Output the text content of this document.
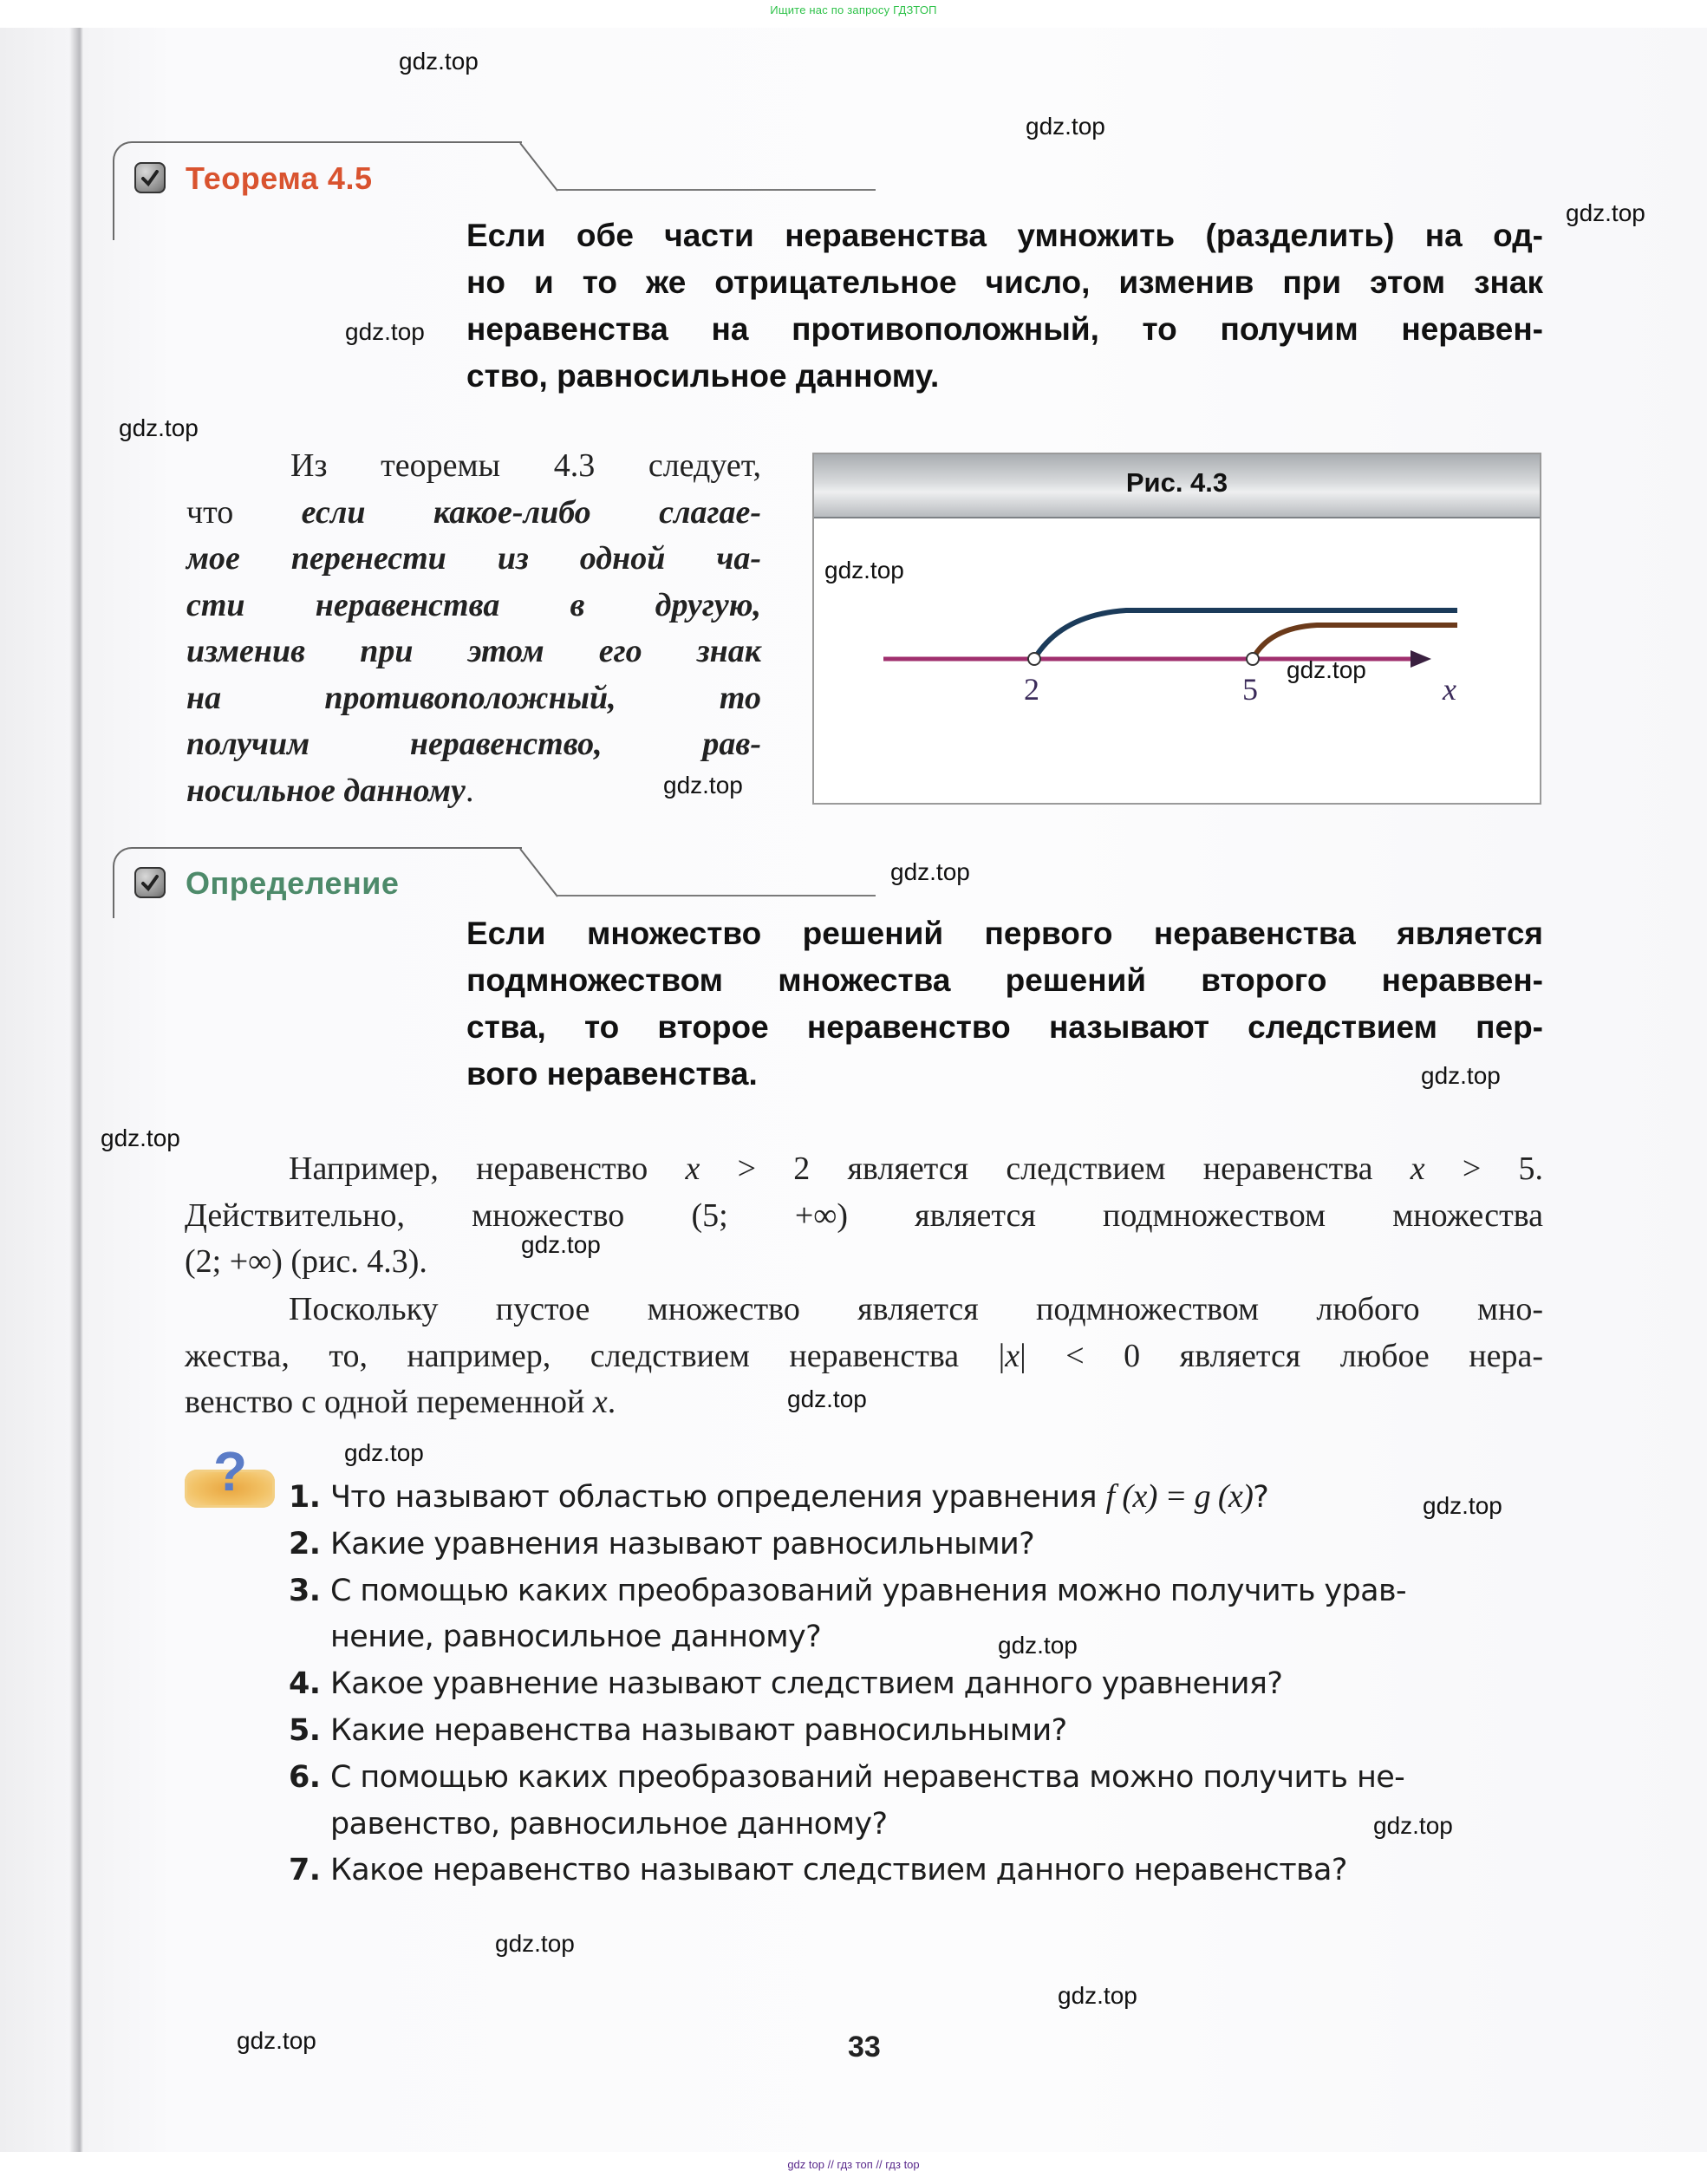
Ищите нас по запросу ГДЗТОП
Теорема 4.5
Если обе части неравенства умножить (разделить) на од-
но и то же отрицательное число, изменив при этом знак
неравенства на противоположный, то получим неравен-
ство, равносильное данному.
Из теоремы 4.3 следует,
что если какое-либо слагае-
мое перенести из одной ча-
сти неравенства в другую,
изменив при этом его знак
на противоположный, то
получим неравенство, рав-
носильное данному.
Рис. 4.3
2	5	x
Определение
Если множество решений первого неравенства является
подмножеством множества решений второго нераввен-
ства, то второе неравенство называют следствием пер-
вого неравенства.
Например, неравенство x > 2 является следствием неравенства x > 5.
Действительно, множество (5; +∞) является подмножеством множества
(2; +∞) (рис. 4.3).
Поскольку пустое множество является подмножеством любого мно-
жества, то, например, следствием неравенства |x| < 0 является любое нера-
венство с одной переменной x.
? 1. Что называют областью определения уравнения f (x) = g (x)?
2. Какие уравнения называют равносильными?
3. С помощью каких преобразований уравнения можно получить урав-
нение, равносильное данному?
4. Какое уравнение называют следствием данного уравнения?
5. Какие неравенства называют равносильными?
6. С помощью каких преобразований неравенства можно получить не-
равенство, равносильное данному?
7. Какое неравенство называют следствием данного неравенства?
33
gdz.top
gdz.top
gdz.top
gdz.top
gdz.top
gdz.top
gdz.top
gdz.top
gdz.top
gdz.top
gdz.top
gdz.top
gdz.top
gdz.top
gdz.top
gdz.top
gdz.top
gdz.top
gdz.top
gdz.top
gdz top // гдз топ // гдз top
